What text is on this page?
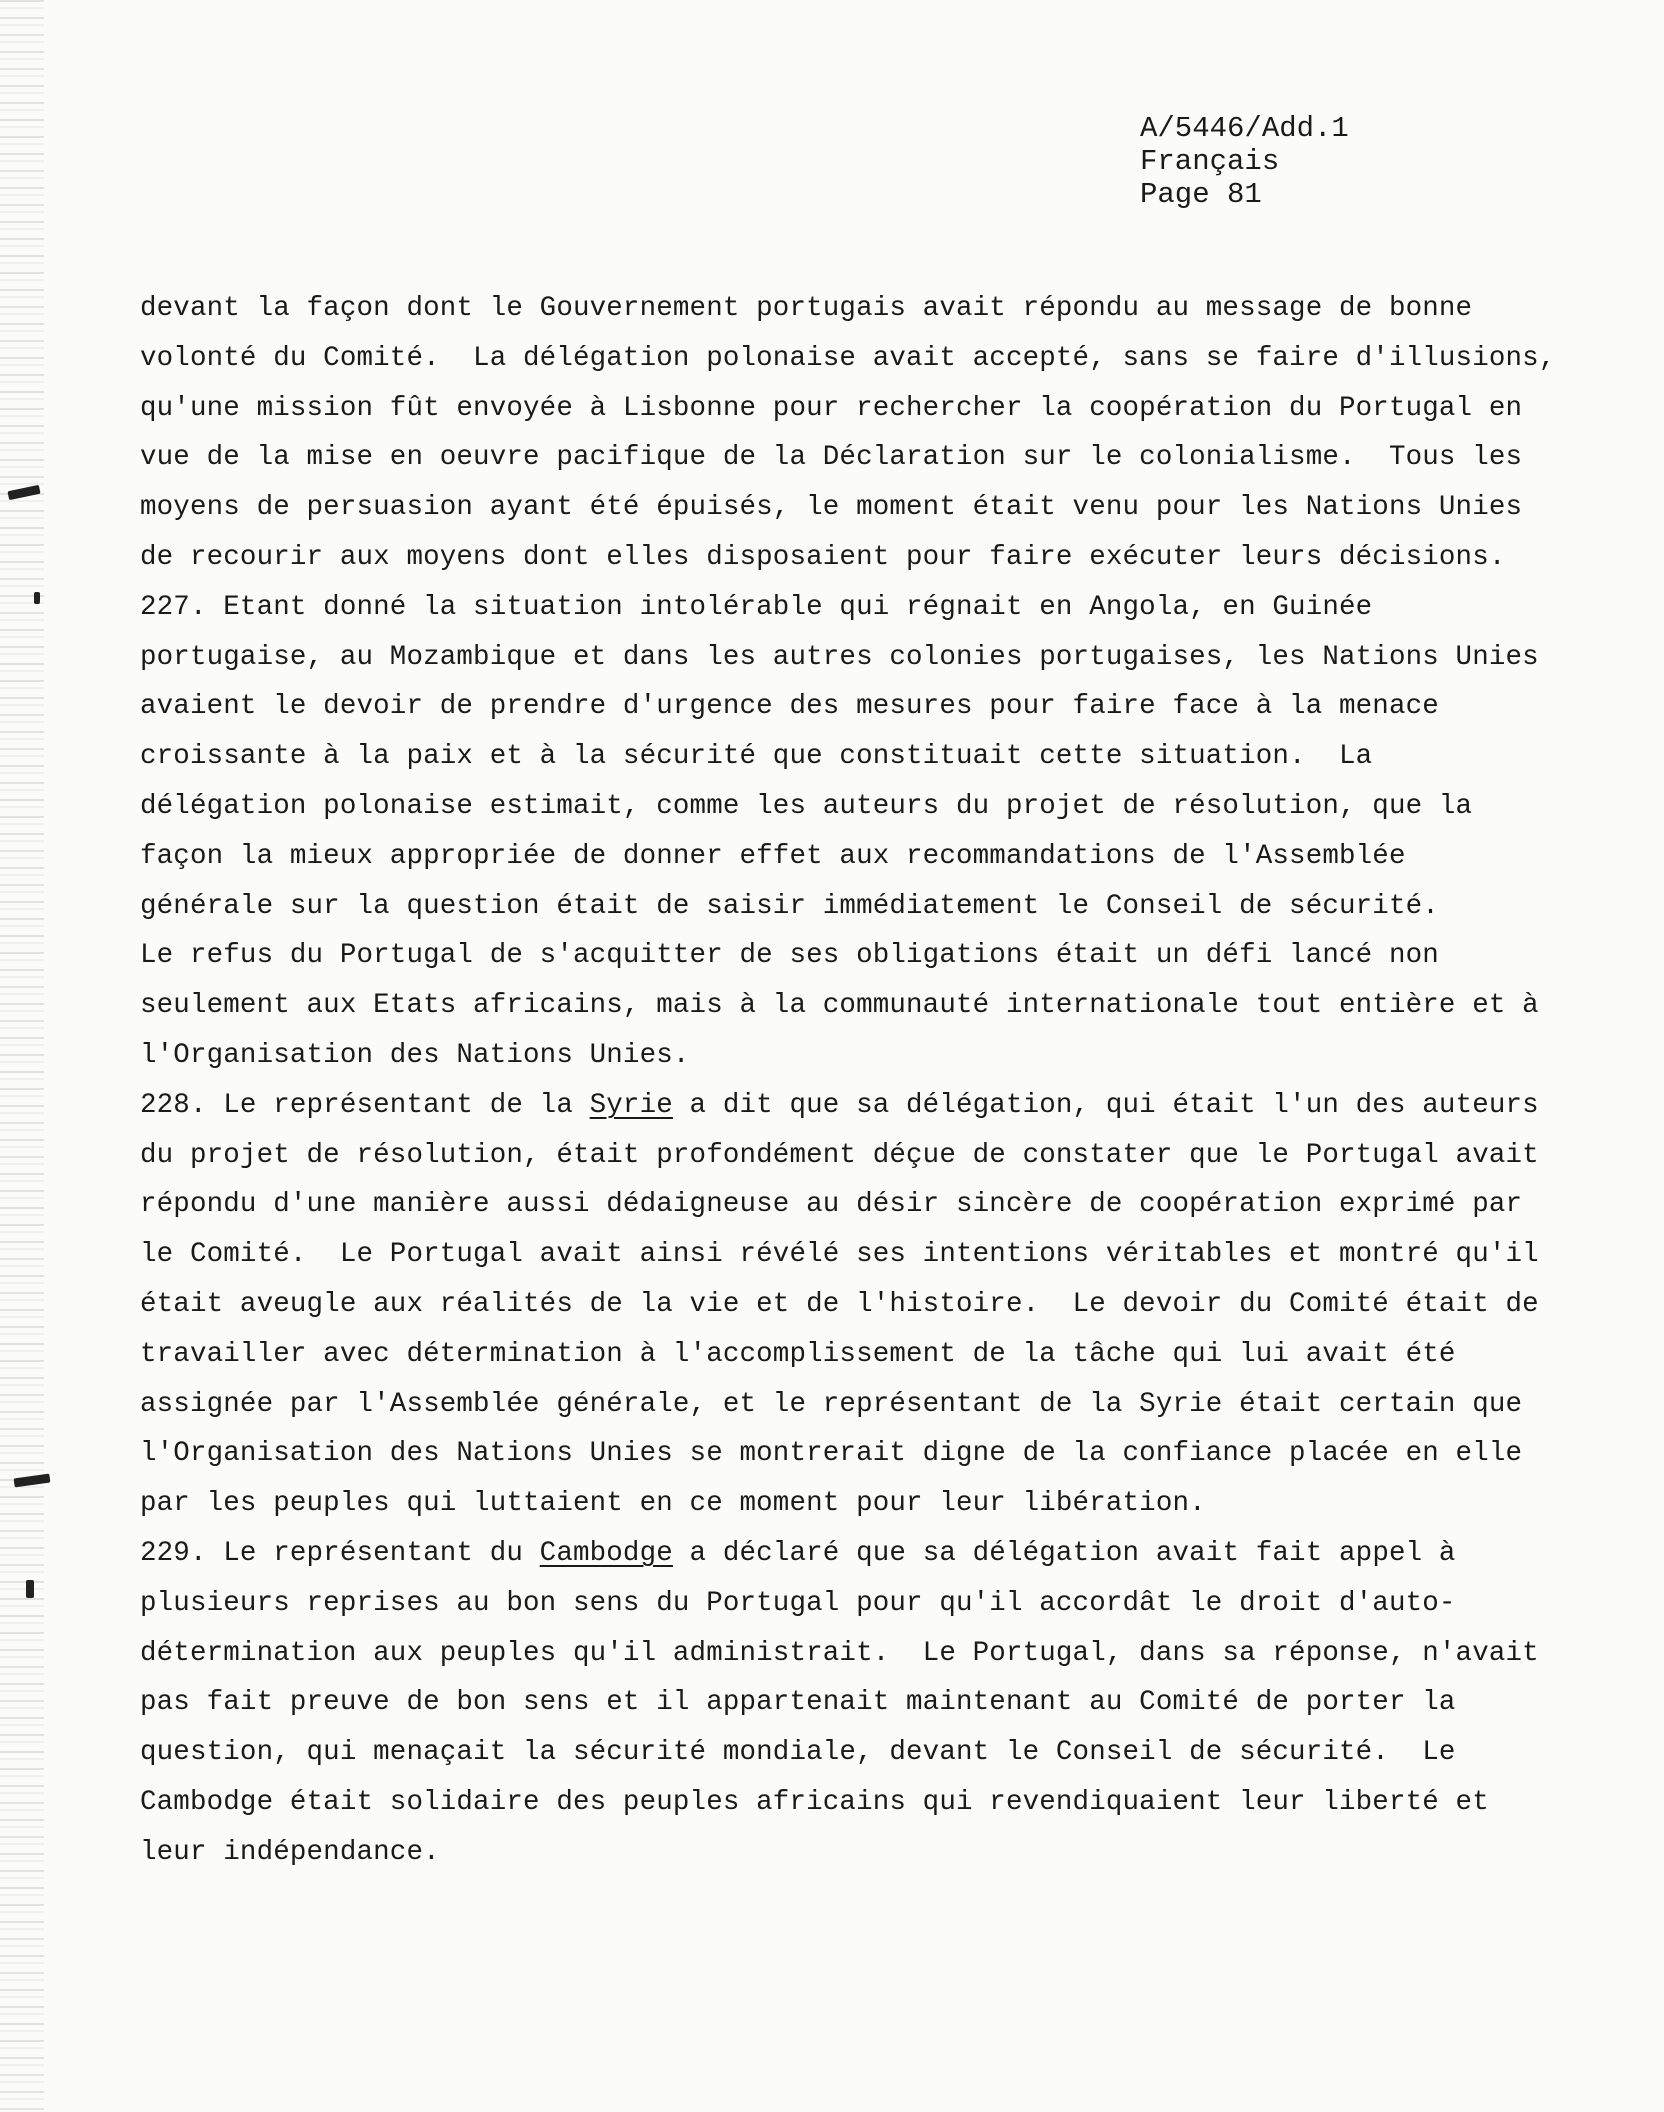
A/5446/Add.1
Français
Page 81
devant la façon dont le Gouvernement portugais avait répondu au message de bonne
volonté du Comité.  La délégation polonaise avait accepté, sans se faire d'illusions,
qu'une mission fût envoyée à Lisbonne pour rechercher la coopération du Portugal en
vue de la mise en oeuvre pacifique de la Déclaration sur le colonialisme.  Tous les
moyens de persuasion ayant été épuisés, le moment était venu pour les Nations Unies
de recourir aux moyens dont elles disposaient pour faire exécuter leurs décisions.
227. Etant donné la situation intolérable qui régnait en Angola, en Guinée
portugaise, au Mozambique et dans les autres colonies portugaises, les Nations Unies
avaient le devoir de prendre d'urgence des mesures pour faire face à la menace
croissante à la paix et à la sécurité que constituait cette situation.  La
délégation polonaise estimait, comme les auteurs du projet de résolution, que la
façon la mieux appropriée de donner effet aux recommandations de l'Assemblée
générale sur la question était de saisir immédiatement le Conseil de sécurité.
Le refus du Portugal de s'acquitter de ses obligations était un défi lancé non
seulement aux Etats africains, mais à la communauté internationale tout entière et à
l'Organisation des Nations Unies.
228. Le représentant de la Syrie a dit que sa délégation, qui était l'un des auteurs
du projet de résolution, était profondément déçue de constater que le Portugal avait
répondu d'une manière aussi dédaigneuse au désir sincère de coopération exprimé par
le Comité.  Le Portugal avait ainsi révélé ses intentions véritables et montré qu'il
était aveugle aux réalités de la vie et de l'histoire.  Le devoir du Comité était de
travailler avec détermination à l'accomplissement de la tâche qui lui avait été
assignée par l'Assemblée générale, et le représentant de la Syrie était certain que
l'Organisation des Nations Unies se montrerait digne de la confiance placée en elle
par les peuples qui luttaient en ce moment pour leur libération.
229. Le représentant du Cambodge a déclaré que sa délégation avait fait appel à
plusieurs reprises au bon sens du Portugal pour qu'il accordât le droit d'auto-
détermination aux peuples qu'il administrait.  Le Portugal, dans sa réponse, n'avait
pas fait preuve de bon sens et il appartenait maintenant au Comité de porter la
question, qui menaçait la sécurité mondiale, devant le Conseil de sécurité.  Le
Cambodge était solidaire des peuples africains qui revendiquaient leur liberté et
leur indépendance.
